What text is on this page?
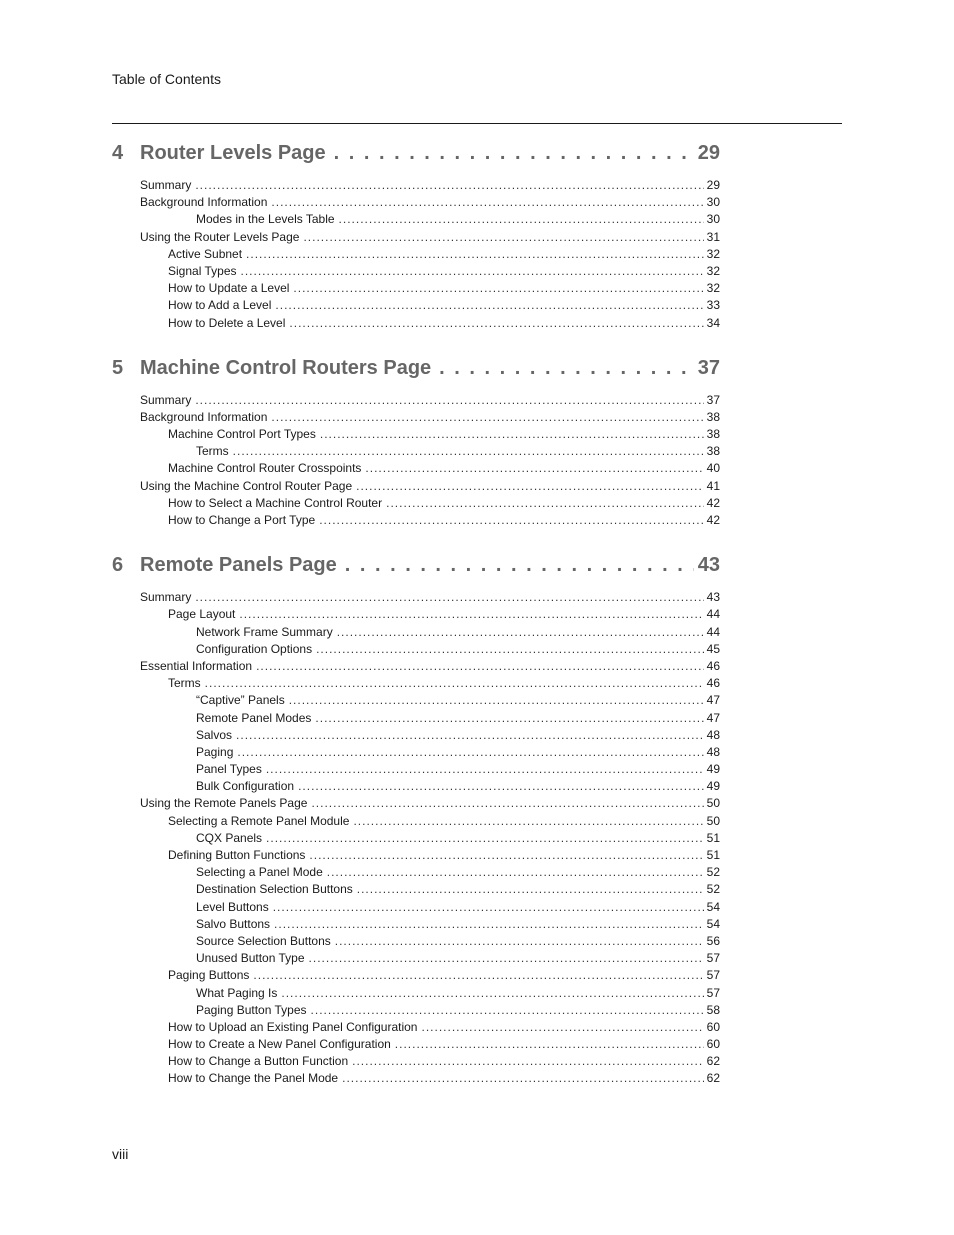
Table of Contents
4 Router Levels Page . . .	29
Summary .....	29
Background Information .....	30
Modes in the Levels Table .....	30
Using the Router Levels Page .....	31
Active Subnet .....	32
Signal Types .....	32
How to Update a Level .....	32
How to Add a Level .....	33
How to Delete a Level .....	34
5 Machine Control Routers Page . . .	37
Summary .....	37
Background Information .....	38
Machine Control Port Types .....	38
Terms .....	38
Machine Control Router Crosspoints .....	40
Using the Machine Control Router Page .....	41
How to Select a Machine Control Router .....	42
How to Change a Port Type .....	42
6 Remote Panels Page . . .	43
Summary .....	43
Page Layout .....	44
Network Frame Summary .....	44
Configuration Options .....	45
Essential Information .....	46
Terms .....	46
“Captive” Panels .....	47
Remote Panel Modes .....	47
Salvos .....	48
Paging .....	48
Panel Types .....	49
Bulk Configuration .....	49
Using the Remote Panels Page .....	50
Selecting a Remote Panel Module .....	50
CQX Panels .....	51
Defining Button Functions .....	51
Selecting a Panel Mode .....	52
Destination Selection Buttons .....	52
Level Buttons .....	54
Salvo Buttons .....	54
Source Selection Buttons .....	56
Unused Button Type .....	57
Paging Buttons .....	57
What Paging Is .....	57
Paging Button Types .....	58
How to Upload an Existing Panel Configuration .....	60
How to Create a New Panel Configuration .....	60
How to Change a Button Function .....	62
How to Change the Panel Mode .....	62
viii
